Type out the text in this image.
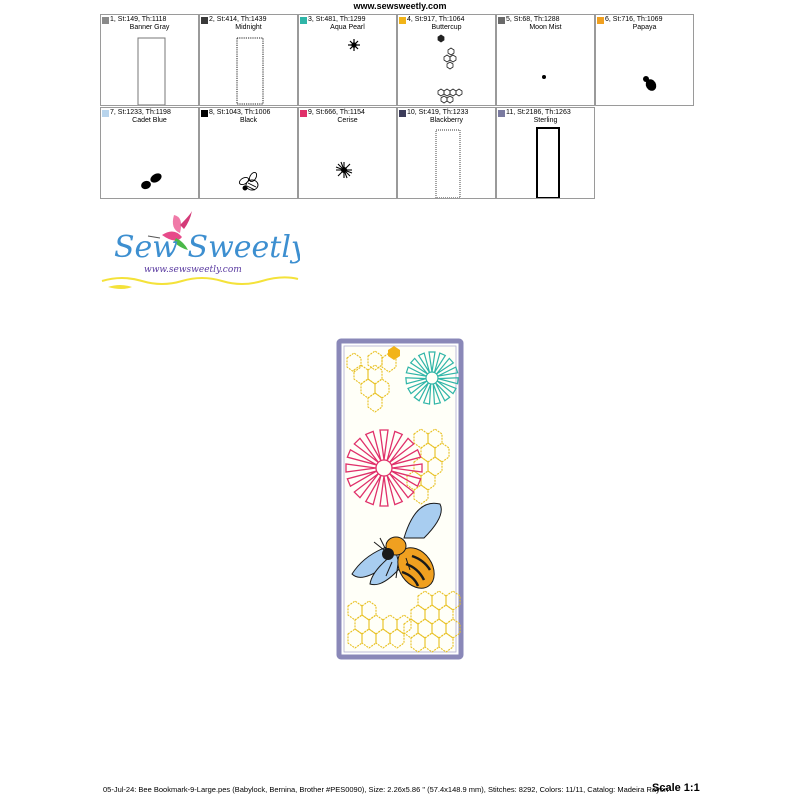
www.sewsweetly.com
1, St:149, Th:1118
Banner Gray
2, St:414, Th:1439
Midnight
3, St:481, Th:1299
Aqua Pearl
4, St:917, Th:1064
Buttercup
5, St:68, Th:1288
Moon Mist
6, St:716, Th:1069
Papaya
7, St:1233, Th:1198
Cadet Blue
8, St:1043, Th:1006
Black
9, St:666, Th:1154
Cerise
10, St:419, Th:1233
Blackberry
11, St:2186, Th:1263
Sterling
Sew Sweetly
www.sewsweetly.com
05-Jul-24: Bee Bookmark-9-Large.pes (Babylock, Bernina, Brother #PES0090), Size: 2.26x5.86 " (57.4x148.9 mm), Stitches: 8292, Colors: 11/11, Catalog: Madeira Rayon
Scale 1:1
